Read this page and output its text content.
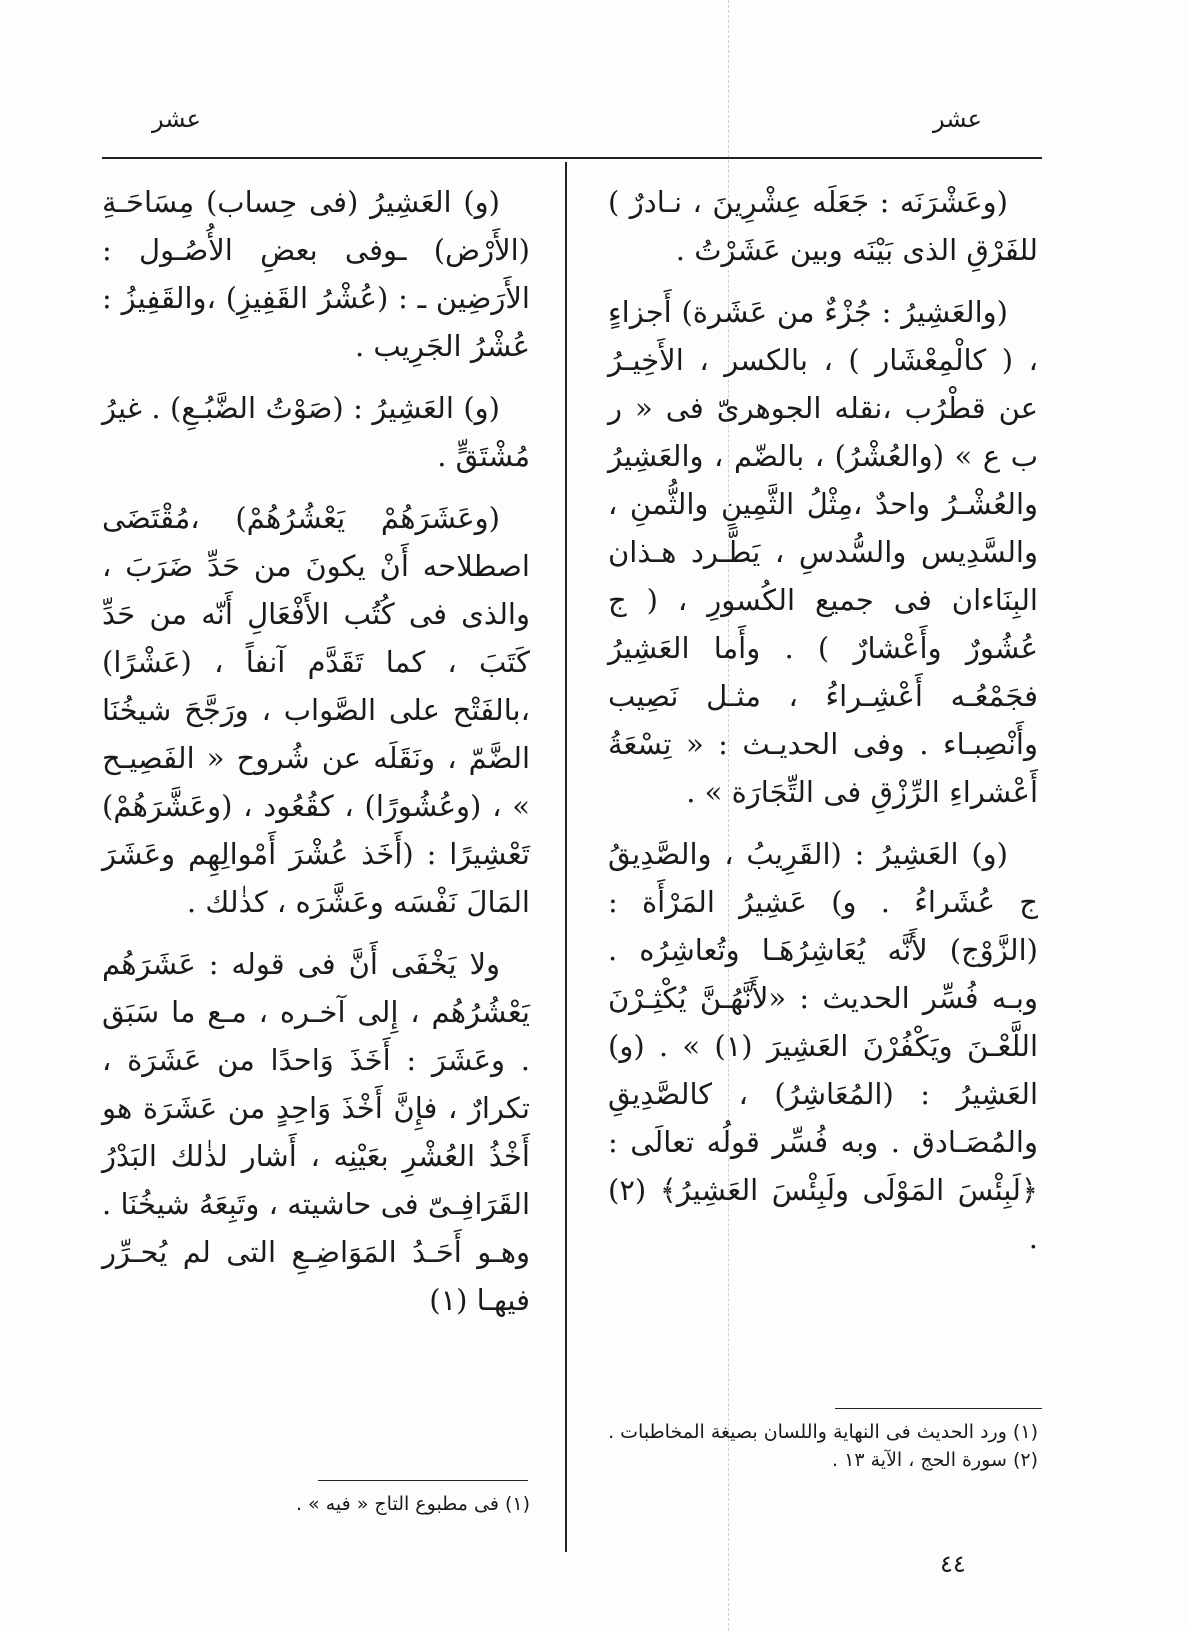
عشر
عشر

(وعَشْرَنَه : جَعَلَه عِشْرِينَ ، نـادرٌ ) للفَرْقِ الذى بَيْنَه وبين عَشَرْتُ .

(والعَشِيرُ : جُزْءٌ من عَشَرة) أَجزاءٍ ، ( كالْمِعْشَار ) ، بالكسر ، الأَخِيـرُ عن قطْرُب ،نقله الجوهرىّ فى « ر ب ع » (والعُشْرُ) ، بالضّم ، والعَشِيرُ والعُشْـرُ واحدٌ ،مِثْلُ الثَّمِينِ والثُّمنِ ، والسَّدِيس والسُّدسِ ، يَطَّـرد هـذان البِنَاءان فى جميع الكُسورِ ، ( ج عُشُورٌ وأَعْشارٌ ) . وأَما العَشِيرُ فجَمْعُـه أَعْشِـراءُ ، مثـل نَصِيب وأَنْصِبـاء . وفى الحديـث : « تِسْعَةُ أَعْشراءِ الرِّزْقِ فى التِّجَارَة » .

(و) العَشِيرُ : (القَرِيبُ ، والصَّدِيقُ ج عُشَراءُ . و) عَشِيرُ المَرْأَة : (الزَّوْج) لأَنَّه يُعَاشِرُهَـا وتُعاشِرُه . وبـه فُسِّر الحديث : «لأَنَّهُـنَّ يُكْثِـرْنَ اللَّعْـنَ ويَكْفُرْنَ العَشِيرَ (١) » . (و) العَشِيرُ : (المُعَاشِرُ) ، كالصَّدِيقِ والمُصَـادق . وبه فُسِّر قولُه تعالَى : ﴿لَبِئْسَ المَوْلَى ولَبِئْسَ العَشِيرُ﴾ (٢) .

(و) العَشِيرُ (فى حِساب) مِسَاحَـةِ (الأَرْض) ـوفى بعضِ الأُصُـول : الأَرَضِين ـ : (عُشْرُ القَفِيزِ) ،والقَفِيزُ : عُشْرُ الجَرِيب .

(و) العَشِيرُ : (صَوْتُ الضَّبُـعِ) . غيرُ مُشْتَقٍّ .

(وعَشَرَهُمْ يَعْشُرُهُمْ) ،مُقْتَضَى اصطلاحه أَنْ يكونَ من حَدِّ ضَرَبَ ، والذى فى كُتُب الأَفْعَالِ أَنّه من حَدِّ كَتَبَ ، كما تَقَدَّم آنفاً ، (عَشْرًا) ،بالفَتْح على الصَّواب ، ورَجَّحَ شيخُنَا الضَّمّ ، ونَقَلَه عن شُروح « الفَصِيـح » ، (وعُشُورًا) ، كقُعُود ، (وعَشَّرَهُمْ) تَعْشِيرًا : (أَخَذ عُشْرَ أَمْوالِهِم وعَشَرَ المَالَ نَفْسَه وعَشَّرَه ، كذٰلك .

ولا يَخْفَى أَنَّ فى قوله : عَشَرَهُم يَعْشُرُهُم ، إِلى آخـره ، مـع ما سَبَق . وعَشَرَ : أَخَذَ وَاحدًا من عَشَرَة ، تكرارٌ ، فإِنَّ أَخْذَ وَاحِدٍ من عَشَرَة هو أَخْذُ العُشْرِ بعَيْنِه ، أَشار لذٰلك البَدْرُ القَرَافِـىّ فى حاشيته ، وتَبِعَهُ شيخُنَا . وهـو أَحَـدُ المَوَاضِـعِ التى لم يُحـرِّر فيهـا (١)

(١) ورد الحديث فى النهاية واللسان بصيغة المخاطبات .

(٢) سورة الحج ، الآية ١٣ .

(١) فى مطبوع التاج « فيه » .

٤٤
